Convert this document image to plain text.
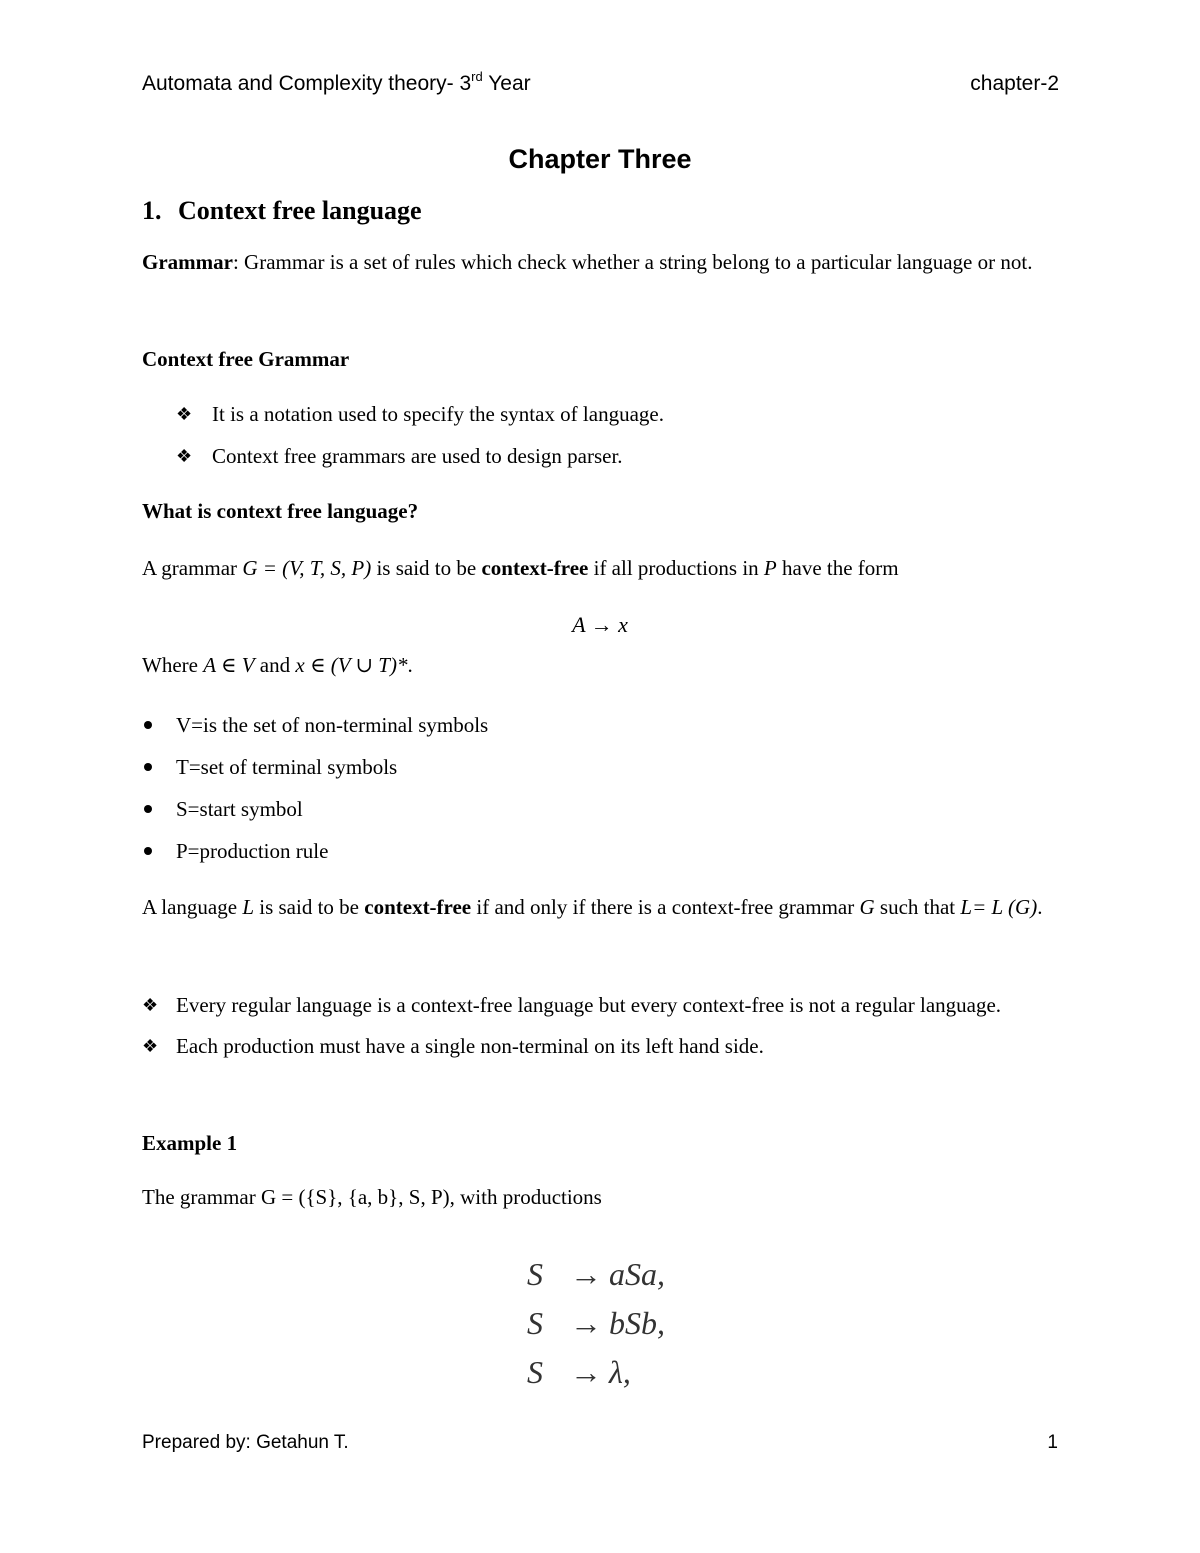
Automata and Complexity theory- 3rd Year	chapter-2
Chapter Three
1. Context free language
Grammar: Grammar is a set of rules which check whether a string belong to a particular language or not.
Context free Grammar
❖ It is a notation used to specify the syntax of language.
❖ Context free grammars are used to design parser.
What is context free language?
A grammar G = (V, T, S, P) is said to be context-free if all productions in P have the form
A → x
Where A ∈ V and x ∈ (V ∪ T)*.
V=is the set of non-terminal symbols
T=set of terminal symbols
S=start symbol
P=production rule
A language L is said to be context-free if and only if there is a context-free grammar G such that L= L (G).
❖ Every regular language is a context-free language but every context-free is not a regular language.
❖ Each production must have a single non-terminal on its left hand side.
Example 1
The grammar G = ({S}, {a, b}, S, P), with productions
S → aSa,
S → bSb,
S → λ,
Prepared by: Getahun T.	1
